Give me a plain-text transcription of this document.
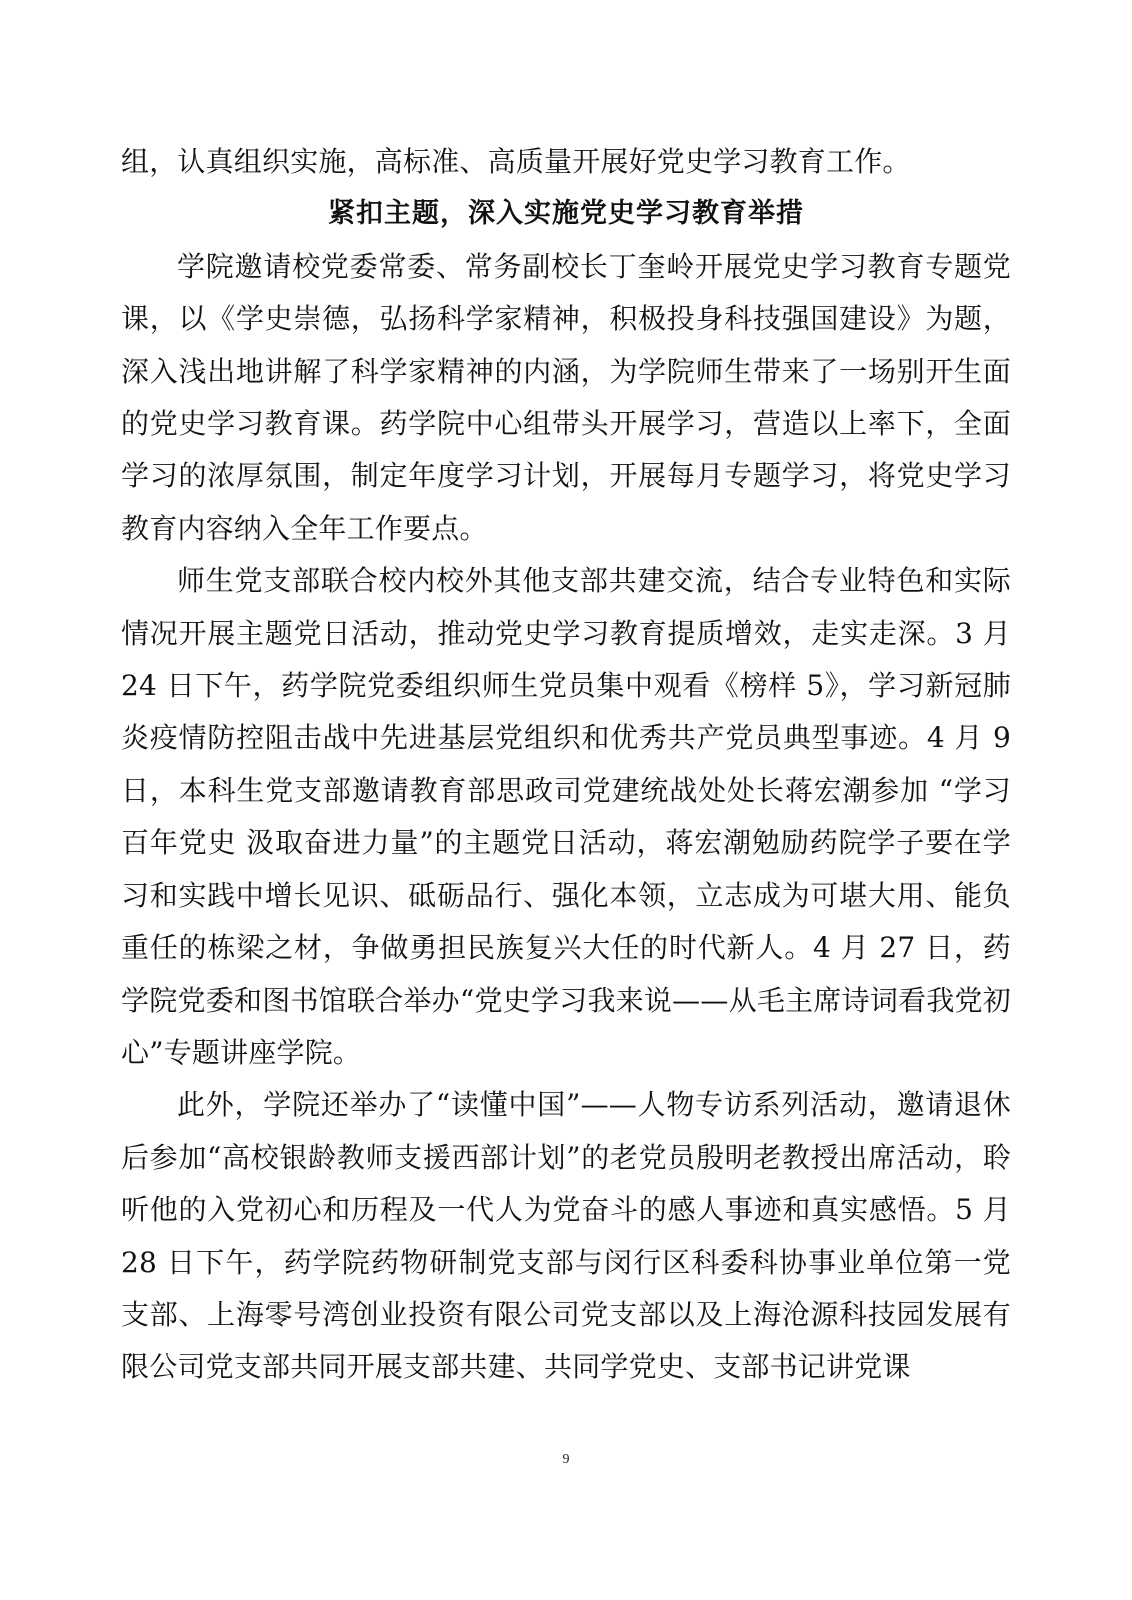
组，认真组织实施，高标准、高质量开展好党史学习教育工作。

紧扣主题，深入实施党史学习教育举措

学院邀请校党委常委、常务副校长丁奎岭开展党史学习教育专题党课，以《学史崇德，弘扬科学家精神，积极投身科技强国建设》为题，深入浅出地讲解了科学家精神的内涵，为学院师生带来了一场别开生面的党史学习教育课。药学院中心组带头开展学习，营造以上率下，全面学习的浓厚氛围，制定年度学习计划，开展每月专题学习，将党史学习教育内容纳入全年工作要点。

师生党支部联合校内校外其他支部共建交流，结合专业特色和实际情况开展主题党日活动，推动党史学习教育提质增效，走实走深。3 月 24 日下午，药学院党委组织师生党员集中观看《榜样 5》，学习新冠肺炎疫情防控阻击战中先进基层党组织和优秀共产党员典型事迹。4 月 9 日，本科生党支部邀请教育部思政司党建统战处处长蒋宏潮参加 “学习百年党史 汲取奋进力量”的主题党日活动，蒋宏潮勉励药院学子要在学习和实践中增长见识、砥砺品行、强化本领，立志成为可堪大用、能负重任的栋梁之材，争做勇担民族复兴大任的时代新人。4 月 27 日，药学院党委和图书馆联合举办“党史学习我来说——从毛主席诗词看我党初心”专题讲座学院。

此外，学院还举办了“读懂中国”——人物专访系列活动，邀请退休后参加“高校银龄教师支援西部计划”的老党员殷明老教授出席活动，聆听他的入党初心和历程及一代人为党奋斗的感人事迹和真实感悟。5 月 28 日下午，药学院药物研制党支部与闵行区科委科协事业单位第一党支部、上海零号湾创业投资有限公司党支部以及上海沧源科技园发展有限公司党支部共同开展支部共建、共同学党史、支部书记讲党课

9
